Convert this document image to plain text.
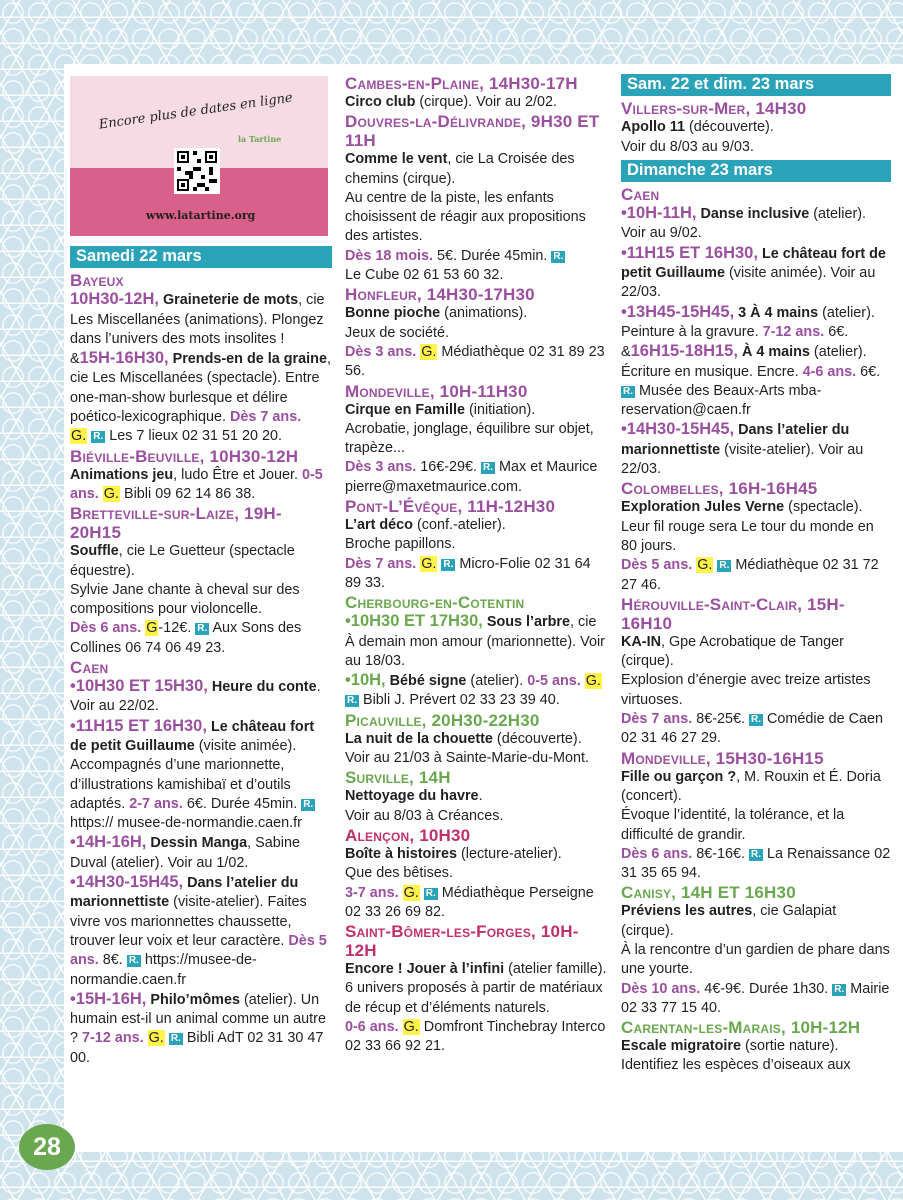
Encore plus de dates en ligne
la Tartine
www.latartine.org
Samedi 22 mars
Bayeux
10H30-12H, Graineterie de mots, cie Les Miscellanées (animations). Plongez dans l’univers des mots insolites !
&15H-16H30, Prends-en de la graine, cie Les Miscellanées (spectacle). Entre one-man-show burlesque et délire poético-lexicographique. Dès 7 ans.
G. R. Les 7 lieux 02 31 51 20 20.
Biéville-Beuville, 10H30-12H
Animations jeu, ludo Être et Jouer. 0-5 ans. G. Bibli 09 62 14 86 38.
Bretteville-sur-Laize, 19H-20H15
Souffle, cie Le Guetteur (spectacle équestre).
Sylvie Jane chante à cheval sur des compositions pour violoncelle.
Dès 6 ans. G-12€. R. Aux Sons des Collines 06 74 06 49 23.
Caen
•10H30 ET 15H30, Heure du conte. Voir au 22/02.
•11H15 ET 16H30, Le château fort de petit Guillaume (visite animée). Accompagnés d’une marionnette, d’illustrations kamishibaï et d’outils adaptés. 2-7 ans. 6€. Durée 45min. R. https:// musee-de-normandie.caen.fr
•14H-16H, Dessin Manga, Sabine Duval (atelier). Voir au 1/02.
•14H30-15H45, Dans l’atelier du marionnettiste (visite-atelier). Faites vivre vos marionnettes chaussette, trouver leur voix et leur caractère. Dès 5 ans. 8€. R. https://musee-de-normandie.caen.fr
•15H-16H, Philo’mômes (atelier). Un humain est-il un animal comme un autre ? 7-12 ans. G. R. Bibli AdT 02 31 30 47 00.
Cambes-en-Plaine, 14H30-17H
Circo club (cirque). Voir au 2/02.
Douvres-la-Délivrande, 9H30 ET 11H
Comme le vent, cie La Croisée des chemins (cirque).
Au centre de la piste, les enfants choisissent de réagir aux propositions des artistes.
Dès 18 mois. 5€. Durée 45min. R.
Le Cube 02 61 53 60 32.
Honfleur, 14H30-17H30
Bonne pioche (animations).
Jeux de société.
Dès 3 ans. G. Médiathèque 02 31 89 23 56.
Mondeville, 10H-11H30
Cirque en Famille (initiation).
Acrobatie, jonglage, équilibre sur objet, trapèze...
Dès 3 ans. 16€-29€. R. Max et Maurice pierre@maxetmaurice.com.
Pont-L’Évêque, 11H-12H30
L’art déco (conf.-atelier).
Broche papillons.
Dès 7 ans. G. R. Micro-Folie 02 31 64 89 33.
Cherbourg-en-Cotentin
•10H30 ET 17H30, Sous l’arbre, cie À demain mon amour (marionnette). Voir au 18/03.
•10H, Bébé signe (atelier). 0-5 ans. G. R. Bibli J. Prévert 02 33 23 39 40.
Picauville, 20H30-22H30
La nuit de la chouette (découverte).
Voir au 21/03 à Sainte-Marie-du-Mont.
Surville, 14H
Nettoyage du havre.
Voir au 8/03 à Créances.
Alençon, 10H30
Boîte à histoires (lecture-atelier).
Que des bêtises.
3-7 ans. G. R. Médiathèque Perseigne 02 33 26 69 82.
Saint-Bômer-les-Forges, 10H-12H
Encore ! Jouer à l’infini (atelier famille).
6 univers proposés à partir de matériaux de récup et d’éléments naturels.
0-6 ans. G. Domfront Tinchebray Interco 02 33 66 92 21.
Sam. 22 et dim. 23 mars
Villers-sur-Mer, 14H30
Apollo 11 (découverte).
Voir du 8/03 au 9/03.
Dimanche 23 mars
Caen
•10H-11H, Danse inclusive (atelier). Voir au 9/02.
•11H15 ET 16H30, Le château fort de petit Guillaume (visite animée). Voir au 22/03.
•13H45-15H45, 3 À 4 mains (atelier). Peinture à la gravure. 7-12 ans. 6€.
&16H15-18H15, À 4 mains (atelier). Écriture en musique. Encre. 4-6 ans. 6€.
R. Musée des Beaux-Arts mba-reservation@caen.fr
•14H30-15H45, Dans l’atelier du marionnettiste (visite-atelier). Voir au 22/03.
Colombelles, 16H-16H45
Exploration Jules Verne (spectacle).
Leur fil rouge sera Le tour du monde en 80 jours.
Dès 5 ans. G. R. Médiathèque 02 31 72 27 46.
Hérouville-Saint-Clair, 15H-16H10
KA-IN, Gpe Acrobatique de Tanger (cirque).
Explosion d’énergie avec treize artistes virtuoses.
Dès 7 ans. 8€-25€. R. Comédie de Caen 02 31 46 27 29.
Mondeville, 15H30-16H15
Fille ou garçon ?, M. Rouxin et É. Doria (concert).
Évoque l’identité, la tolérance, et la difficulté de grandir.
Dès 6 ans. 8€-16€. R. La Renaissance 02 31 35 65 94.
Canisy, 14H ET 16H30
Préviens les autres, cie Galapiat (cirque).
À la rencontre d’un gardien de phare dans une yourte.
Dès 10 ans. 4€-9€. Durée 1h30. R. Mairie 02 33 77 15 40.
Carentan-les-Marais, 10H-12H
Escale migratoire (sortie nature).
Identifiez les espèces d’oiseaux aux
28
